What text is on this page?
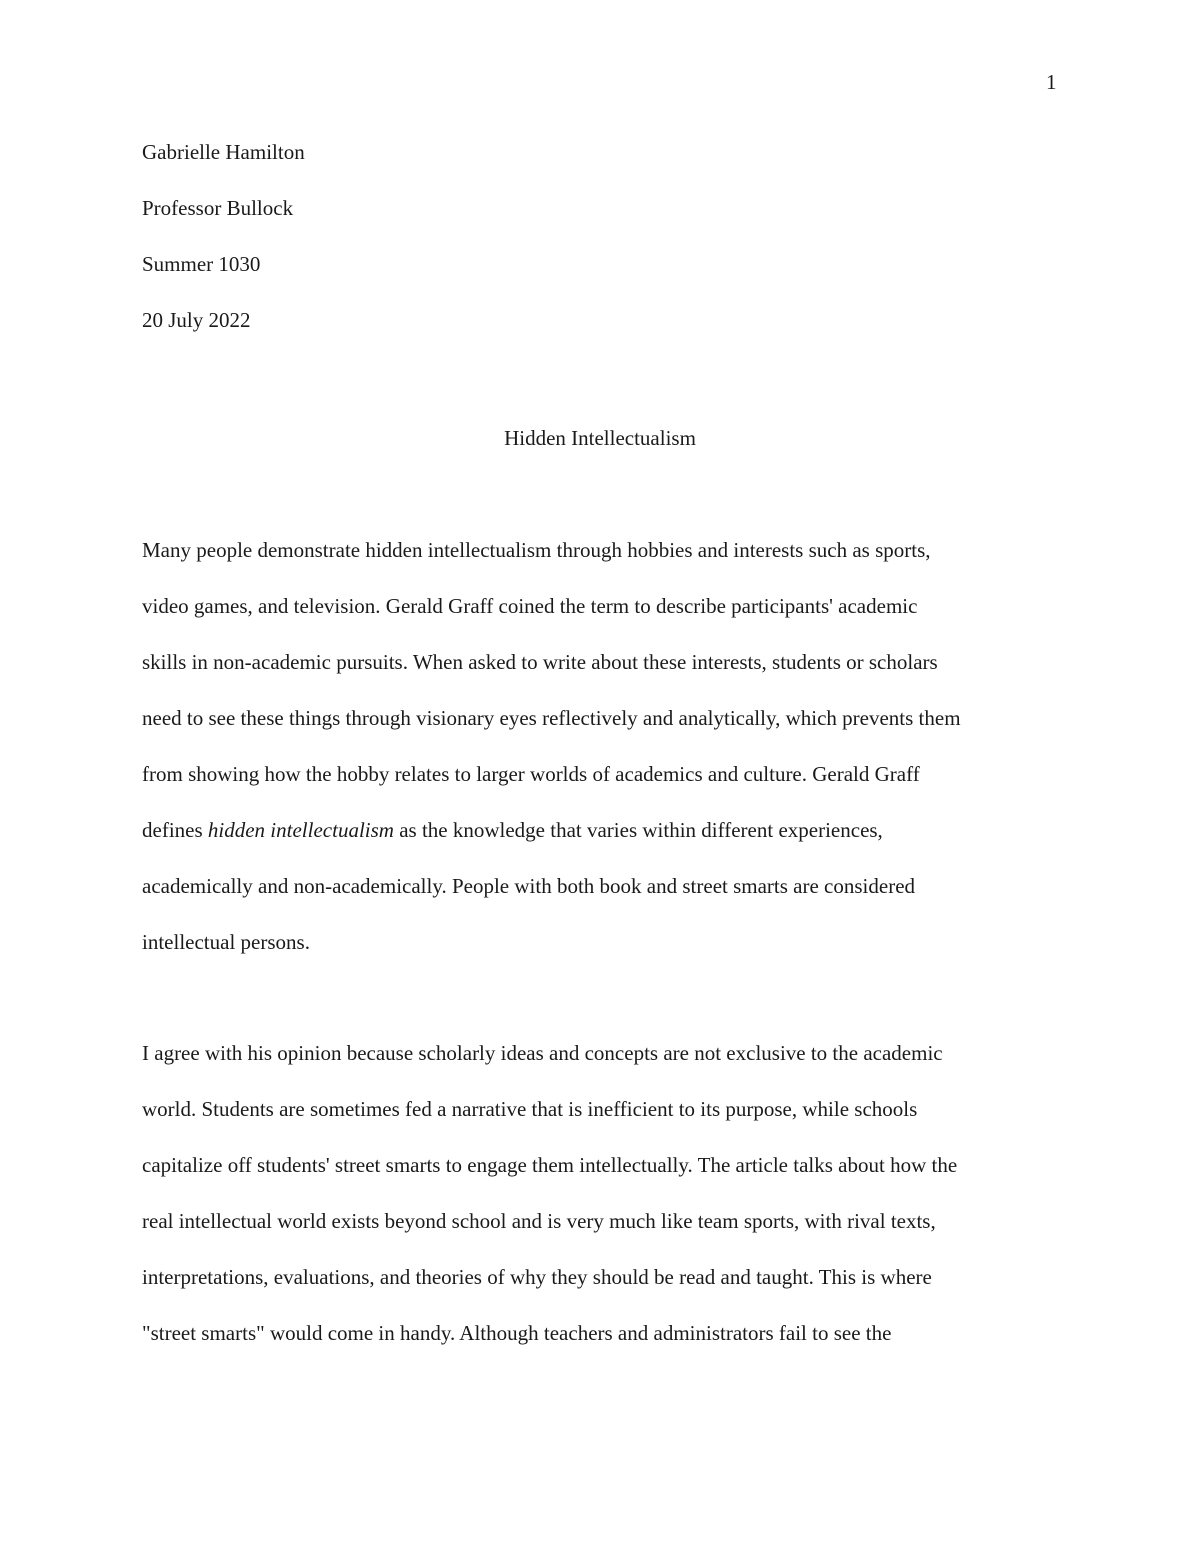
1
Gabrielle Hamilton
Professor Bullock
Summer 1030
20 July 2022
Hidden Intellectualism
Many people demonstrate hidden intellectualism through hobbies and interests such as sports,
video games, and television. Gerald Graff coined the term to describe participants' academic
skills in non-academic pursuits. When asked to write about these interests, students or scholars
need to see these things through visionary eyes reflectively and analytically, which prevents them
from showing how the hobby relates to larger worlds of academics and culture. Gerald Graff
defines hidden intellectualism as the knowledge that varies within different experiences,
academically and non-academically. People with both book and street smarts are considered
intellectual persons.
I agree with his opinion because scholarly ideas and concepts are not exclusive to the academic
world. Students are sometimes fed a narrative that is inefficient to its purpose, while schools
capitalize off students' street smarts to engage them intellectually. The article talks about how the
real intellectual world exists beyond school and is very much like team sports, with rival texts,
interpretations, evaluations, and theories of why they should be read and taught. This is where
"street smarts" would come in handy. Although teachers and administrators fail to see the
